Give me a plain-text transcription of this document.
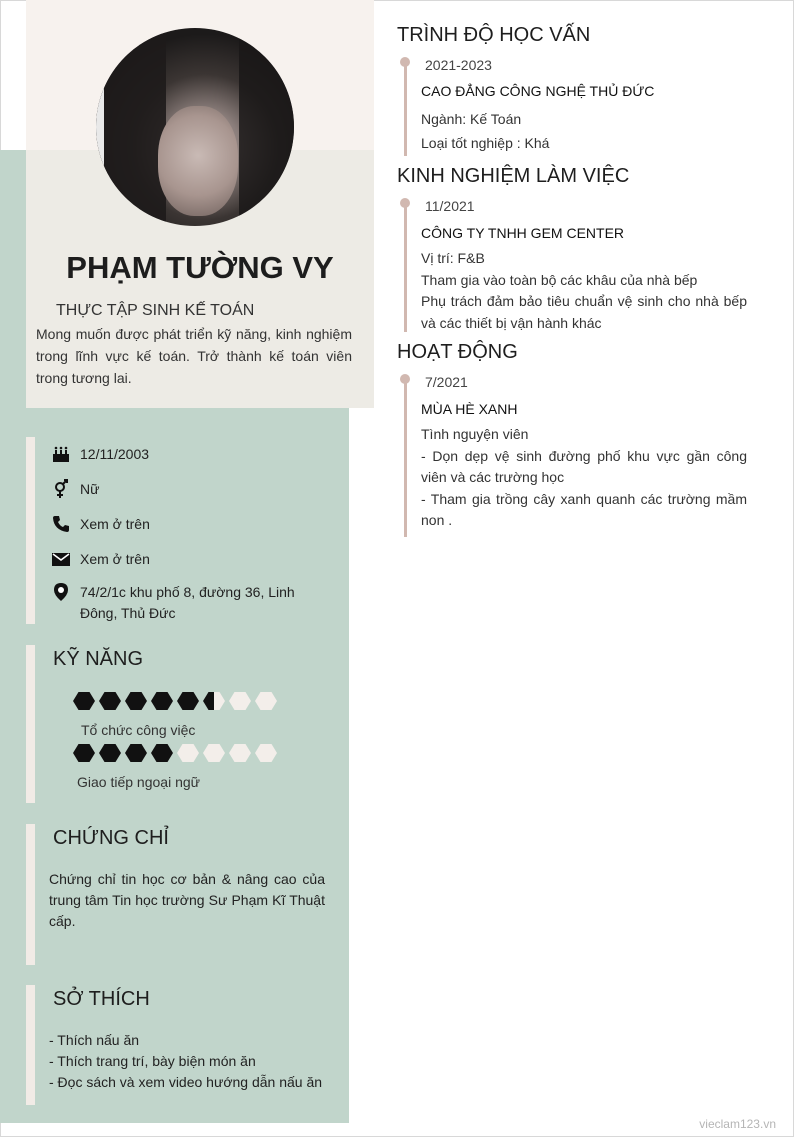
PHẠM TƯỜNG VY
THỰC TẬP SINH KẾ TOÁN
Mong muốn được phát triển kỹ năng, kinh nghiệm trong lĩnh vực kế toán. Trở thành kế toán viên trong tương lai.
12/11/2003
Nữ
Xem ở trên
Xem ở trên
74/2/1c khu phố 8, đường 36, Linh Đông, Thủ Đức
KỸ NĂNG
Tổ chức công việc
Giao tiếp ngoại ngữ
CHỨNG CHỈ
Chứng chỉ tin học cơ bản & nâng cao của trung tâm Tin học trường Sư Phạm Kĩ Thuật cấp.
SỞ THÍCH
- Thích nấu ăn
- Thích trang trí, bày biện món ăn
- Đọc sách và xem video hướng dẫn nấu ăn
TRÌNH ĐỘ HỌC VẤN
2021-2023
CAO ĐẲNG CÔNG NGHỆ THỦ ĐỨC
Ngành: Kế Toán
Loại tốt nghiệp : Khá
KINH NGHIỆM LÀM VIỆC
11/2021
CÔNG TY TNHH GEM CENTER
Vị trí: F&B
Tham gia vào toàn bộ các khâu của nhà bếp
Phụ trách đảm bảo tiêu chuẩn vệ sinh cho nhà bếp và các thiết bị vận hành khác
HOẠT ĐỘNG
7/2021
MÙA HÈ XANH
Tình nguyện viên
- Dọn dẹp vệ sinh đường phố khu vực gần công viên và các trường học
- Tham gia trồng cây xanh quanh các trường mầm non .
vieclam123.vn
